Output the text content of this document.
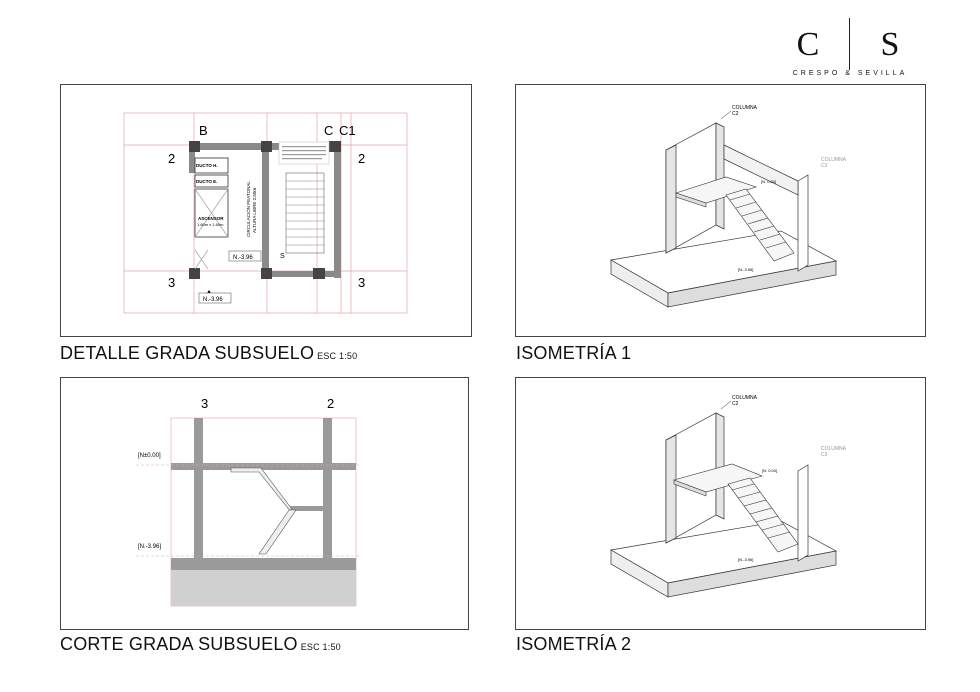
C S
CRESPO & SEVILLA
B	C C1
2	2
3	3
DUCTO H.
DUCTO E.
ASCENSOR
1.60m x 1.60m	CIRCULACIÓN PEATONAL ALTURA LIBRE 2.50m
S
N.-3.96
N.-3.96
DETALLE GRADA SUBSUELO ESC 1:50
COLUMNA
C2
COLUMNA
C3
[N. 0.00]
[N.-3.96]
ISOMETRÍA 1
3	2
[N±0.00]
[N.-3.96]
CORTE GRADA SUBSUELO ESC 1:50
COLUMNA
C2
COLUMNA
C3
[N. 0.00]
[N.-3.96]
ISOMETRÍA 2
